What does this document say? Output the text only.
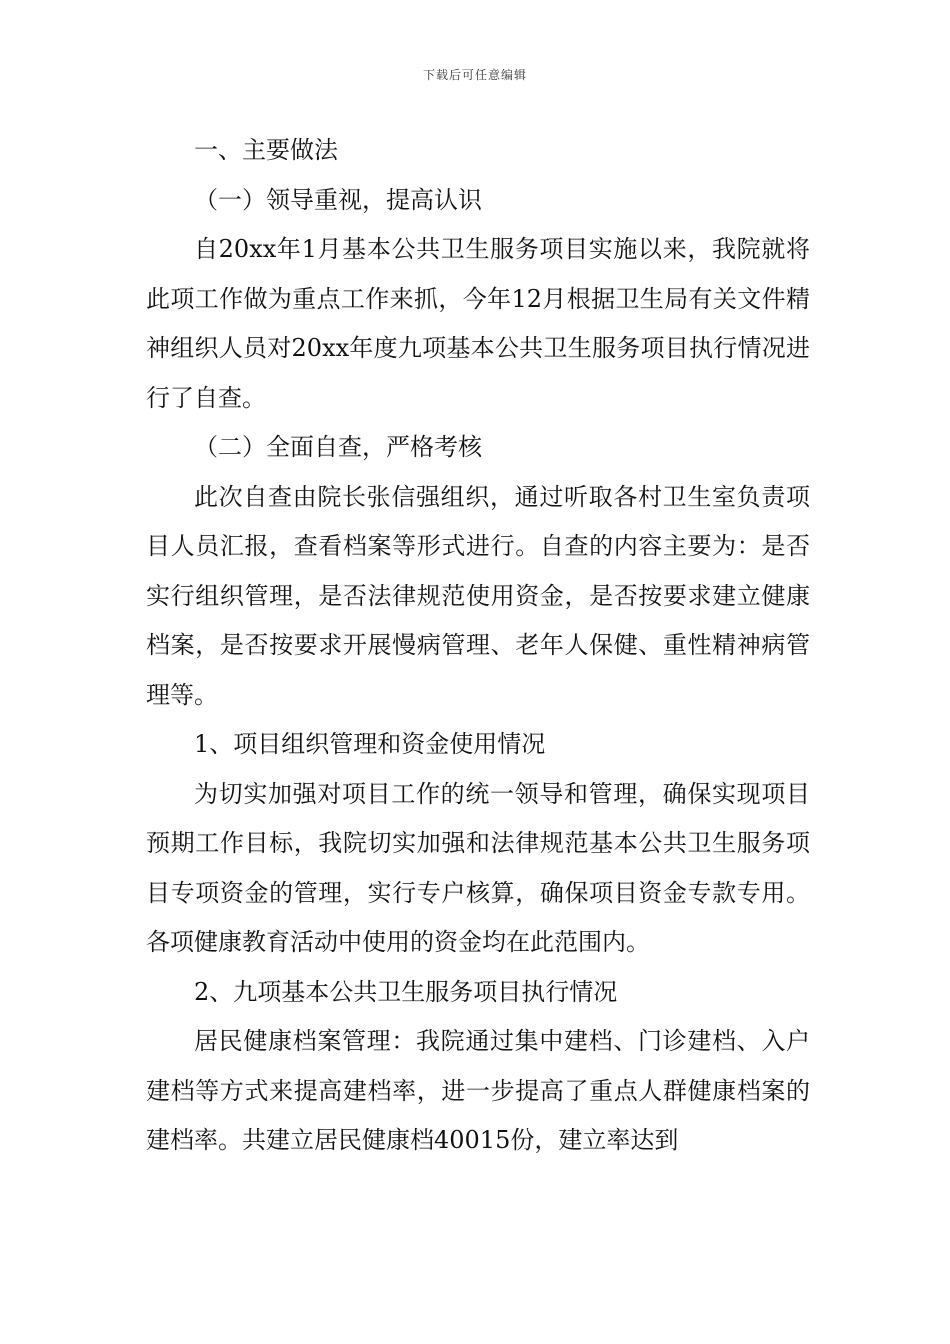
下载后可任意编辑

一、主要做法

（一）领导重视，提高认识

自20xx年1月基本公共卫生服务项目实施以来，我院就将此项工作做为重点工作来抓，今年12月根据卫生局有关文件精神组织人员对20xx年度九项基本公共卫生服务项目执行情况进行了自查。

（二）全面自查，严格考核

此次自查由院长张信强组织，通过听取各村卫生室负责项目人员汇报，查看档案等形式进行。自查的内容主要为：是否实行组织管理，是否法律规范使用资金，是否按要求建立健康档案，是否按要求开展慢病管理、老年人保健、重性精神病管理等。

1、项目组织管理和资金使用情况

为切实加强对项目工作的统一领导和管理，确保实现项目预期工作目标，我院切实加强和法律规范基本公共卫生服务项目专项资金的管理，实行专户核算，确保项目资金专款专用。各项健康教育活动中使用的资金均在此范围内。

2、九项基本公共卫生服务项目执行情况

居民健康档案管理：我院通过集中建档、门诊建档、入户建档等方式来提高建档率，进一步提高了重点人群健康档案的建档率。共建立居民健康档40015份，建立率达到
